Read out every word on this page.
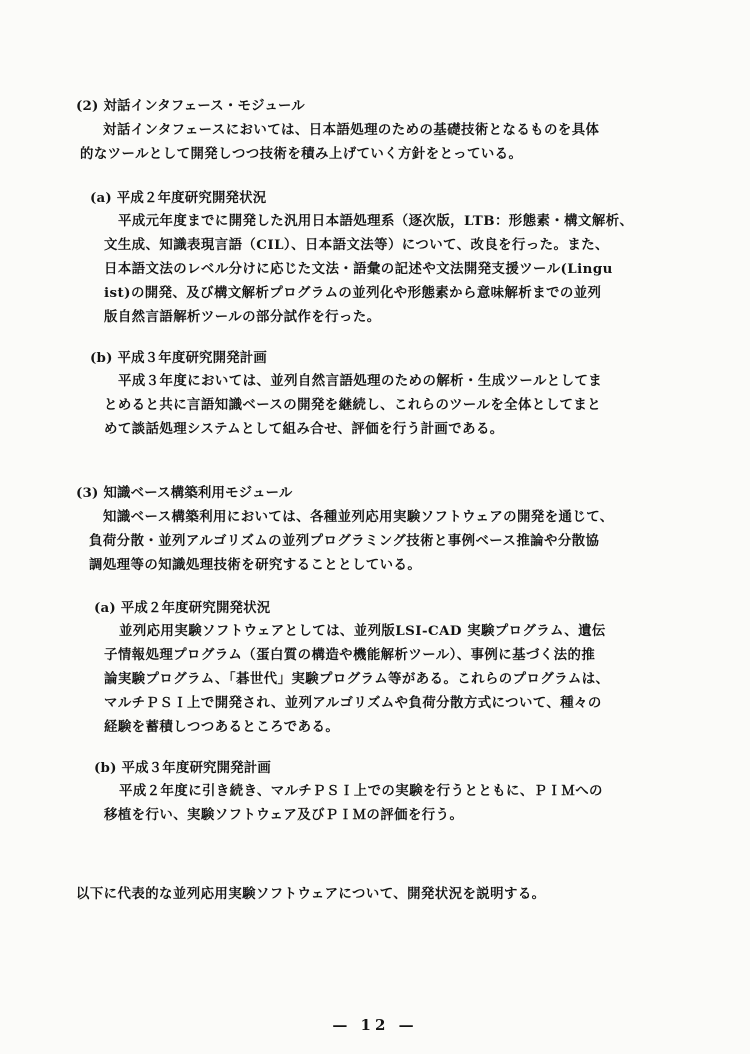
(2) 対話インタフェース・モジュール

対話インタフェースにおいては、日本語処理のための基礎技術となるものを具体

的なツールとして開発しつつ技術を積み上げていく方針をとっている。

(a) 平成２年度研究開発状況

平成元年度までに開発した汎用日本語処理系（逐次版，LTB：形態素・構文解析、

文生成、知識表現言語（CIL）、日本語文法等）について、改良を行った。また、

日本語文法のレベル分けに応じた文法・語彙の記述や文法開発支援ツール(Lingu

ist)の開発、及び構文解析プログラムの並列化や形態素から意味解析までの並列

版自然言語解析ツールの部分試作を行った。

(b) 平成３年度研究開発計画

平成３年度においては、並列自然言語処理のための解析・生成ツールとしてま

とめると共に言語知識ベースの開発を継続し、これらのツールを全体としてまと

めて談話処理システムとして組み合せ、評価を行う計画である。

(3) 知識ベース構築利用モジュール

知識ベース構築利用においては、各種並列応用実験ソフトウェアの開発を通じて、

負荷分散・並列アルゴリズムの並列プログラミング技術と事例ベース推論や分散協

調処理等の知識処理技術を研究することとしている。

(a) 平成２年度研究開発状況

並列応用実験ソフトウェアとしては、並列版LSI-CAD 実験プログラム、遺伝

子情報処理プログラム（蛋白質の構造や機能解析ツール）、事例に基づく法的推

論実験プログラム、「碁世代」実験プログラム等がある。これらのプログラムは、

マルチＰＳＩ上で開発され、並列アルゴリズムや負荷分散方式について、種々の

経験を蓄積しつつあるところである。

(b) 平成３年度研究開発計画

平成２年度に引き続き、マルチＰＳＩ上での実験を行うとともに、ＰＩＭへの

移植を行い、実験ソフトウェア及びＰＩＭの評価を行う。

以下に代表的な並列応用実験ソフトウェアについて、開発状況を説明する。

— 12 —
